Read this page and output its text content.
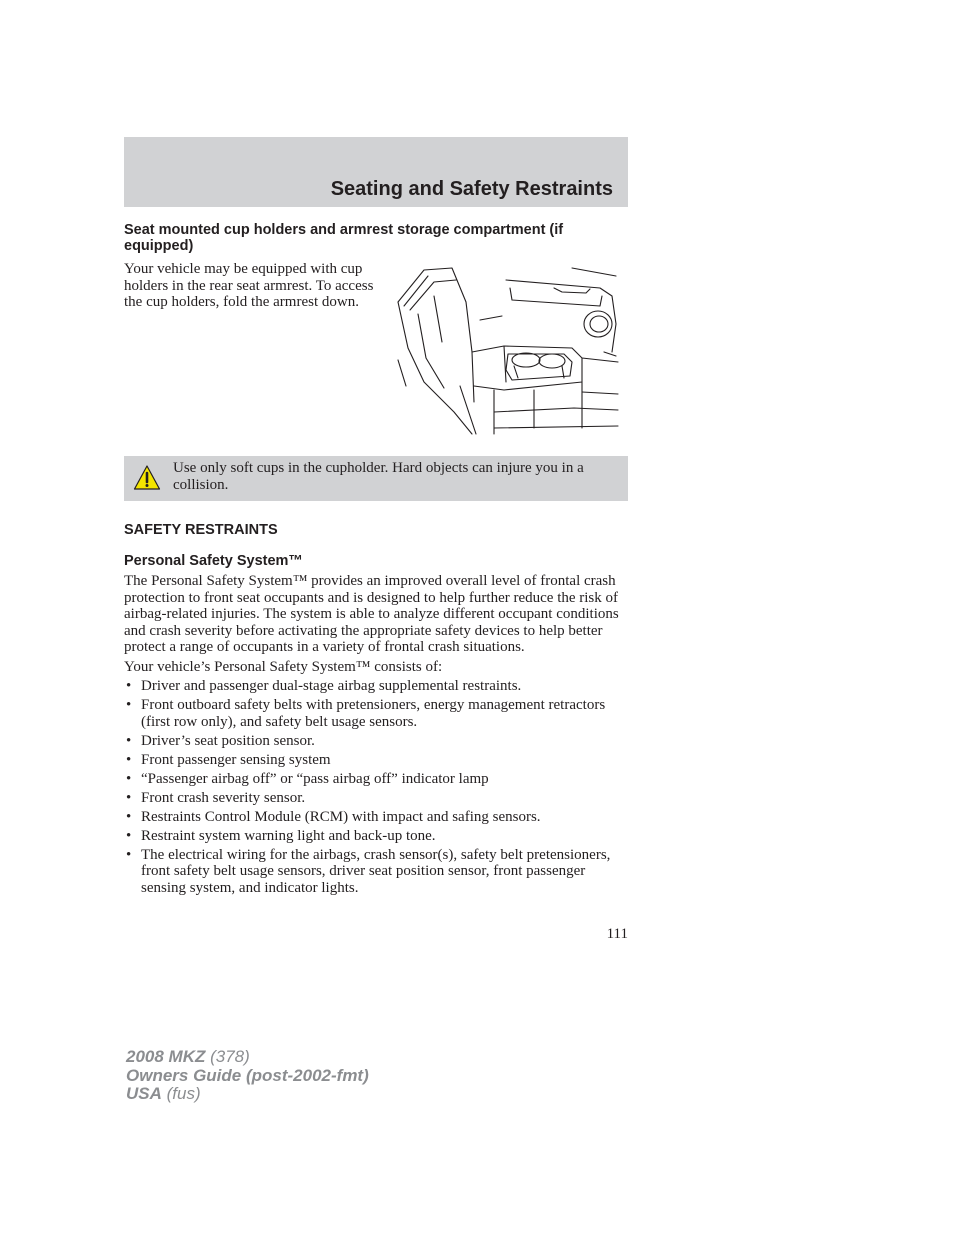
Seating and Safety Restraints
Seat mounted cup holders and armrest storage compartment (if equipped)
Your vehicle may be equipped with cup holders in the rear seat armrest. To access the cup holders, fold the armrest down.
Use only soft cups in the cupholder. Hard objects can injure you in a collision.
SAFETY RESTRAINTS
Personal Safety System™

The Personal Safety System™ provides an improved overall level of frontal crash protection to front seat occupants and is designed to help further reduce the risk of airbag-related injuries. The system is able to analyze different occupant conditions and crash severity before activating the appropriate safety devices to help better protect a range of occupants in a variety of frontal crash situations.

Your vehicle’s Personal Safety System™ consists of:

• Driver and passenger dual-stage airbag supplemental restraints.
• Front outboard safety belts with pretensioners, energy management retractors (first row only), and safety belt usage sensors.
• Driver’s seat position sensor.
• Front passenger sensing system
• “Passenger airbag off” or “pass airbag off” indicator lamp
• Front crash severity sensor.
• Restraints Control Module (RCM) with impact and safing sensors.
• Restraint system warning light and back-up tone.
• The electrical wiring for the airbags, crash sensor(s), safety belt pretensioners, front safety belt usage sensors, driver seat position sensor, front passenger sensing system, and indicator lights.
111
2008 MKZ (378)
Owners Guide (post-2002-fmt)
USA (fus)
